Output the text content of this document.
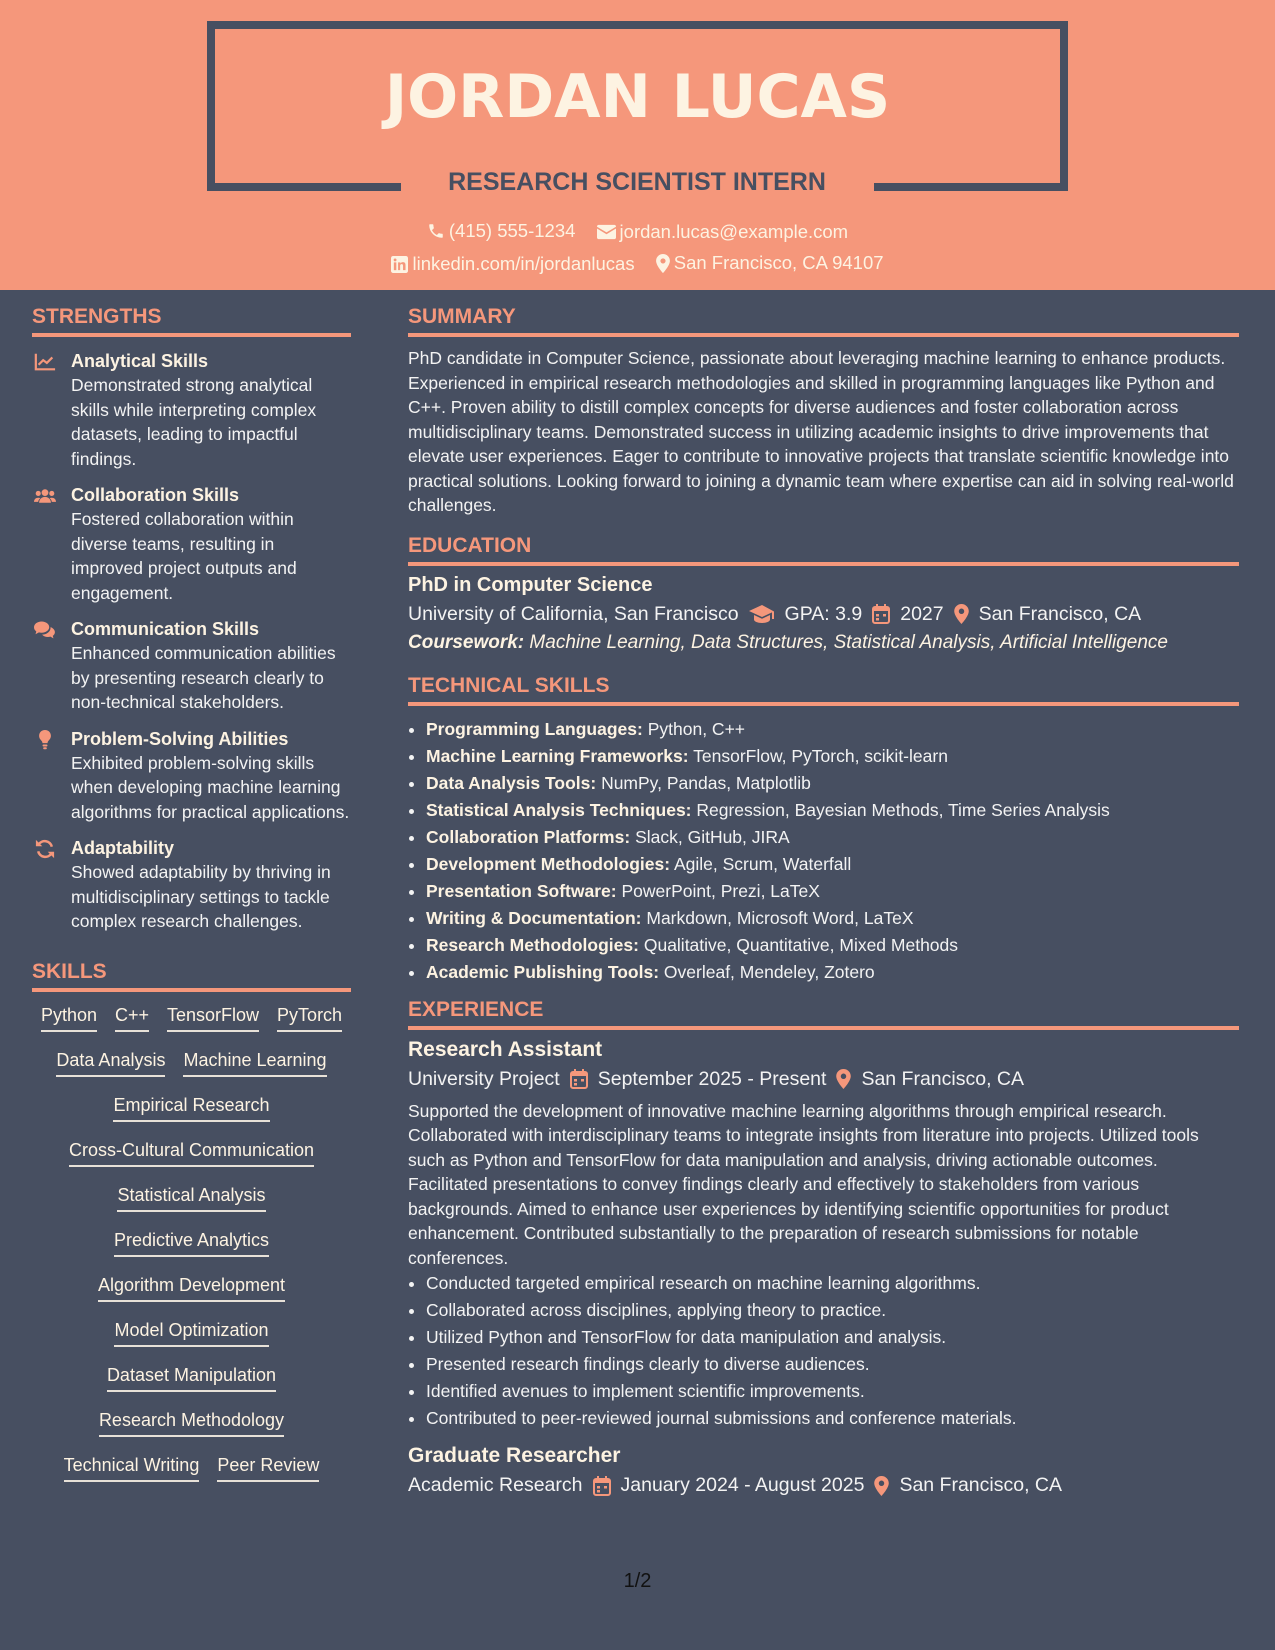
JORDAN LUCAS
RESEARCH SCIENTIST INTERN
(415) 555-1234
jordan.lucas@example.com
linkedin.com/in/jordanlucas
San Francisco, CA 94107
STRENGTHS
Analytical Skills
Demonstrated strong analytical skills while interpreting complex datasets, leading to impactful findings.
Collaboration Skills
Fostered collaboration within diverse teams, resulting in improved project outputs and engagement.
Communication Skills
Enhanced communication abilities by presenting research clearly to non-technical stakeholders.
Problem-Solving Abilities
Exhibited problem-solving skills when developing machine learning algorithms for practical applications.
Adaptability
Showed adaptability by thriving in multidisciplinary settings to tackle complex research challenges.
SKILLS
Python C++ TensorFlow PyTorch
Data Analysis Machine Learning
Empirical Research
Cross-Cultural Communication
Statistical Analysis
Predictive Analytics
Algorithm Development
Model Optimization
Dataset Manipulation
Research Methodology
Technical Writing Peer Review
SUMMARY
PhD candidate in Computer Science, passionate about leveraging machine learning to enhance products. Experienced in empirical research methodologies and skilled in programming languages like Python and C++. Proven ability to distill complex concepts for diverse audiences and foster collaboration across multidisciplinary teams. Demonstrated success in utilizing academic insights to drive improvements that elevate user experiences. Eager to contribute to innovative projects that translate scientific knowledge into practical solutions. Looking forward to joining a dynamic team where expertise can aid in solving real-world challenges.
EDUCATION
PhD in Computer Science
University of California, San Francisco GPA: 3.9 2027 San Francisco, CA
Coursework: Machine Learning, Data Structures, Statistical Analysis, Artificial Intelligence
TECHNICAL SKILLS
• Programming Languages: Python, C++
• Machine Learning Frameworks: TensorFlow, PyTorch, scikit-learn
• Data Analysis Tools: NumPy, Pandas, Matplotlib
• Statistical Analysis Techniques: Regression, Bayesian Methods, Time Series Analysis
• Collaboration Platforms: Slack, GitHub, JIRA
• Development Methodologies: Agile, Scrum, Waterfall
• Presentation Software: PowerPoint, Prezi, LaTeX
• Writing & Documentation: Markdown, Microsoft Word, LaTeX
• Research Methodologies: Qualitative, Quantitative, Mixed Methods
• Academic Publishing Tools: Overleaf, Mendeley, Zotero
EXPERIENCE
Research Assistant
University Project September 2025 - Present San Francisco, CA
Supported the development of innovative machine learning algorithms through empirical research. Collaborated with interdisciplinary teams to integrate insights from literature into projects. Utilized tools such as Python and TensorFlow for data manipulation and analysis, driving actionable outcomes. Facilitated presentations to convey findings clearly and effectively to stakeholders from various backgrounds. Aimed to enhance user experiences by identifying scientific opportunities for product enhancement. Contributed substantially to the preparation of research submissions for notable conferences.
• Conducted targeted empirical research on machine learning algorithms.
• Collaborated across disciplines, applying theory to practice.
• Utilized Python and TensorFlow for data manipulation and analysis.
• Presented research findings clearly to diverse audiences.
• Identified avenues to implement scientific improvements.
• Contributed to peer-reviewed journal submissions and conference materials.
Graduate Researcher
Academic Research January 2024 - August 2025 San Francisco, CA
1/2
